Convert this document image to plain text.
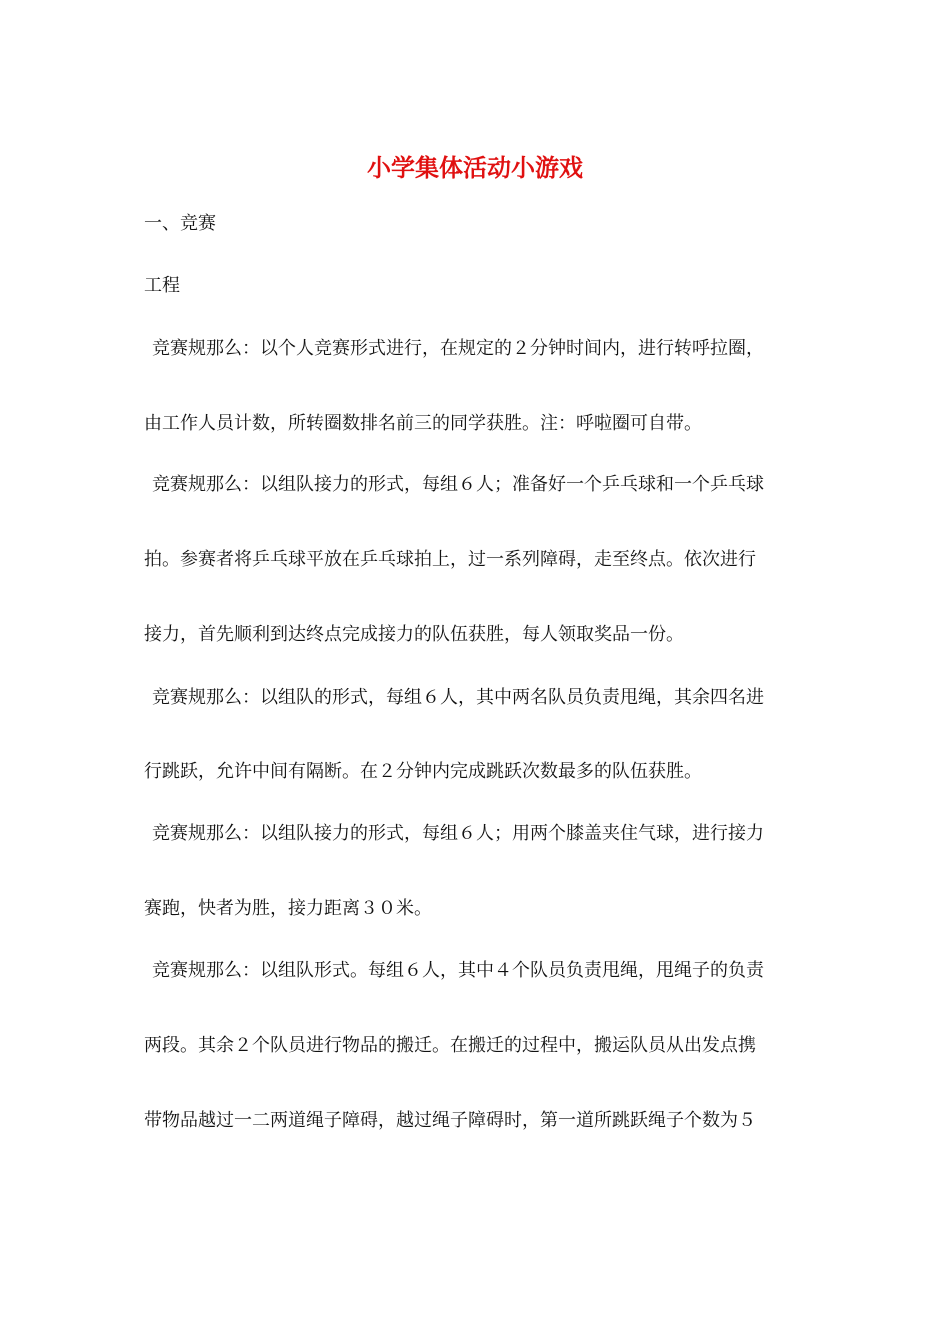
小学集体活动小游戏
一、竞赛
工程
竞赛规那么：以个人竞赛形式进行，在规定的２分钟时间内，进行转呼拉圈，
由工作人员计数，所转圈数排名前三的同学获胜。注：呼啦圈可自带。
竞赛规那么：以组队接力的形式，每组６人；准备好一个乒乓球和一个乒乓球
拍。参赛者将乒乓球平放在乒乓球拍上，过一系列障碍，走至终点。依次进行
接力，首先顺利到达终点完成接力的队伍获胜，每人领取奖品一份。
竞赛规那么：以组队的形式，每组６人，其中两名队员负责甩绳，其余四名进
行跳跃，允许中间有隔断。在２分钟内完成跳跃次数最多的队伍获胜。
竞赛规那么：以组队接力的形式，每组６人；用两个膝盖夹住气球，进行接力
赛跑，快者为胜，接力距离３０米。
竞赛规那么：以组队形式。每组６人，其中４个队员负责甩绳，甩绳子的负责
两段。其余２个队员进行物品的搬迁。在搬迁的过程中，搬运队员从出发点携
带物品越过一二两道绳子障碍，越过绳子障碍时，第一道所跳跃绳子个数为５
